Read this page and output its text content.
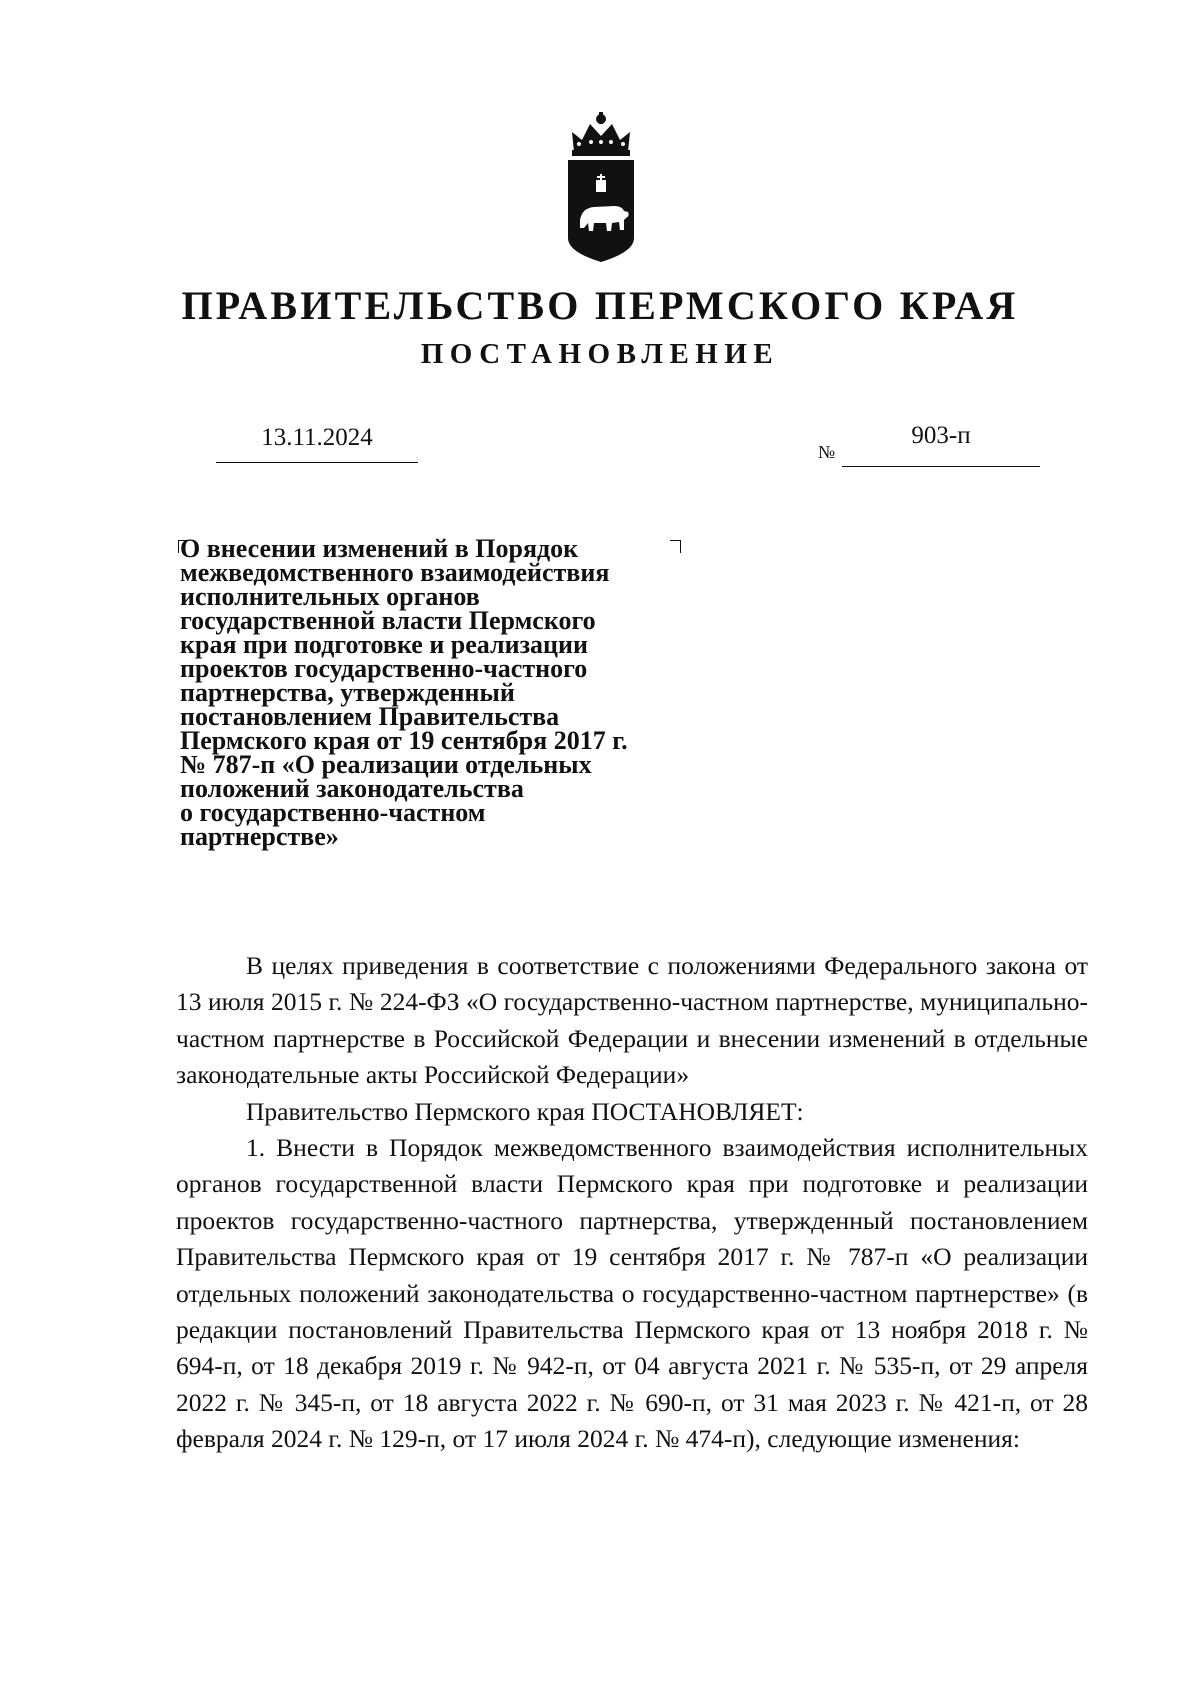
ПРАВИТЕЛЬСТВО ПЕРМСКОГО КРАЯ
ПОСТАНОВЛЕНИЕ
13.11.2024
№
903-п
О внесении изменений в Порядок
межведомственного взаимодействия
исполнительных органов
государственной власти Пермского
края при подготовке и реализации
проектов государственно-частного
партнерства, утвержденный
постановлением Правительства
Пермского края от 19 сентября 2017 г.
№ 787-п «О реализации отдельных
положений законодательства
о государственно-частном
партнерстве»

В целях приведения в соответствие с положениями Федерального закона от 13 июля 2015 г. № 224-ФЗ «О государственно-частном партнерстве, муниципально-частном партнерстве в Российской Федерации и внесении изменений в отдельные законодательные акты Российской Федерации»

Правительство Пермского края ПОСТАНОВЛЯЕТ:

1. Внести в Порядок межведомственного взаимодействия исполнительных органов государственной власти Пермского края при подготовке и реализации проектов государственно-частного партнерства, утвержденный постановлением Правительства Пермского края от 19 сентября 2017 г. № 787-п «О реализации отдельных положений законодательства о государственно-частном партнерстве» (в редакции постановлений Правительства Пермского края от 13 ноября 2018 г. № 694-п, от 18 декабря 2019 г. № 942-п, от 04 августа 2021 г. № 535-п, от 29 апреля 2022 г. № 345-п, от 18 августа 2022 г. № 690-п, от 31 мая 2023 г. № 421-п, от 28 февраля 2024 г. № 129-п, от 17 июля 2024 г. № 474-п), следующие изменения:
